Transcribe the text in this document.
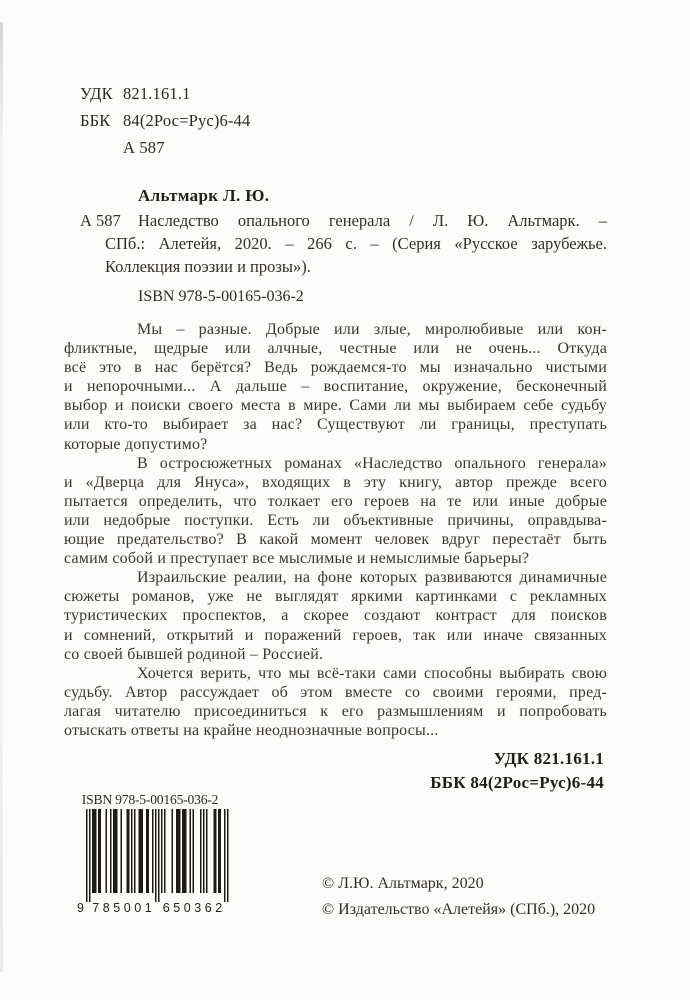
УДК 821.161.1
ББК 84(2Рос=Рус)6-44
А 587
Альтмарк Л. Ю.
А 587 Наследство опального генерала / Л. Ю. Альтмарк. –
СПб.: Алетейя, 2020. – 266 с. – (Серия «Русское зарубежье.
Коллекция поэзии и прозы»).
ISBN 978-5-00165-036-2
Мы – разные. Добрые или злые, миролюбивые или кон-
фликтные, щедрые или алчные, честные или не очень... Откуда
всё это в нас берётся? Ведь рождаемся-то мы изначально чистыми
и непорочными... А дальше – воспитание, окружение, бесконечный
выбор и поиски своего места в мире. Сами ли мы выбираем себе судьбу
или кто-то выбирает за нас? Существуют ли границы, преступать
которые допустимо?
В остросюжетных романах «Наследство опального генерала»
и «Дверца для Януса», входящих в эту книгу, автор прежде всего
пытается определить, что толкает его героев на те или иные добрые
или недобрые поступки. Есть ли объективные причины, оправдыва-
ющие предательство? В какой момент человек вдруг перестаёт быть
самим собой и преступает все мыслимые и немыслимые барьеры?
Израильские реалии, на фоне которых развиваются динамичные
сюжеты романов, уже не выглядят яркими картинками с рекламных
туристических проспектов, а скорее создают контраст для поисков
и сомнений, открытий и поражений героев, так или иначе связанных
со своей бывшей родиной – Россией.
Хочется верить, что мы всё-таки сами способны выбирать свою
судьбу. Автор рассуждает об этом вместе со своими героями, пред-
лагая читателю присоединиться к его размышлениям и попробовать
отыскать ответы на крайне неоднозначные вопросы...
УДК 821.161.1
ББК 84(2Рос=Рус)6-44
ISBN 978-5-00165-036-2
9 7 8 5 0 0 1 6 5 0 3 6 2
© Л.Ю. Альтмарк, 2020
© Издательство «Алетейя» (СПб.), 2020
